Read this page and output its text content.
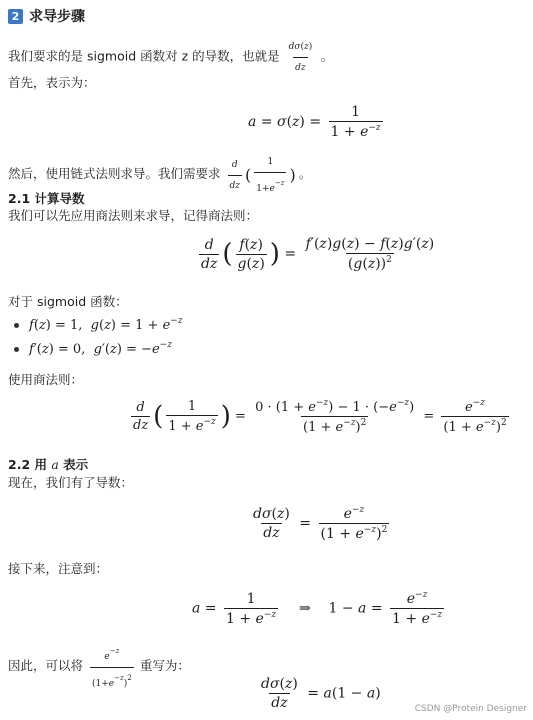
2 求导步骤
我们要求的是 sigmoid 函数对 z 的导数，也就是 $\frac{d\sigma(z)}{dz}$ 。
首先，表示为：
$a = \sigma(z) = \frac{1}{1 + e^{-z}}$
然后，使用链式法则求导。我们需要求 $\frac{d}{dz}$ ( $\frac{1}{1+e^{-z}}$ ) 。
2.1 计算导数
我们可以先应用商法则来求导，记得商法则：
$\frac{d}{dz}$ ( $\frac{f(z)}{g(z)}$ ) = $\frac{f'(z)g(z) - f(z)g'(z)}{(g(z))^2}$
对于 sigmoid 函数：
f(z) = 1,  $g(z) = 1 + e^{-z}$
f′(z) = 0,  $g'(z) = -e^{-z}$
使用商法则：
$\frac{d}{dz}$ ( $\frac{1}{1 + e^{-z}}$ ) = $\frac{0 \cdot (1 + e^{-z}) - 1 \cdot (-e^{-z})}{(1 + e^{-z})^2} = \frac{e^{-z}}{(1 + e^{-z})^2}$
2.2 用 a 表示
现在，我们有了导数：
$\frac{d\sigma(z)}{dz} = \frac{e^{-z}}{(1 + e^{-z})^2}$
接下来，注意到：
$a = \frac{1}{1 + e^{-z}}$ ⇒    $1 - a = \frac{e^{-z}}{1 + e^{-z}}$
因此，可以将 $\frac{e^{-z}}{(1+e^{-z})^2}$ 重写为：
$\frac{d\sigma(z)}{dz} = a(1 - a)$
CSDN @Protein Designer
